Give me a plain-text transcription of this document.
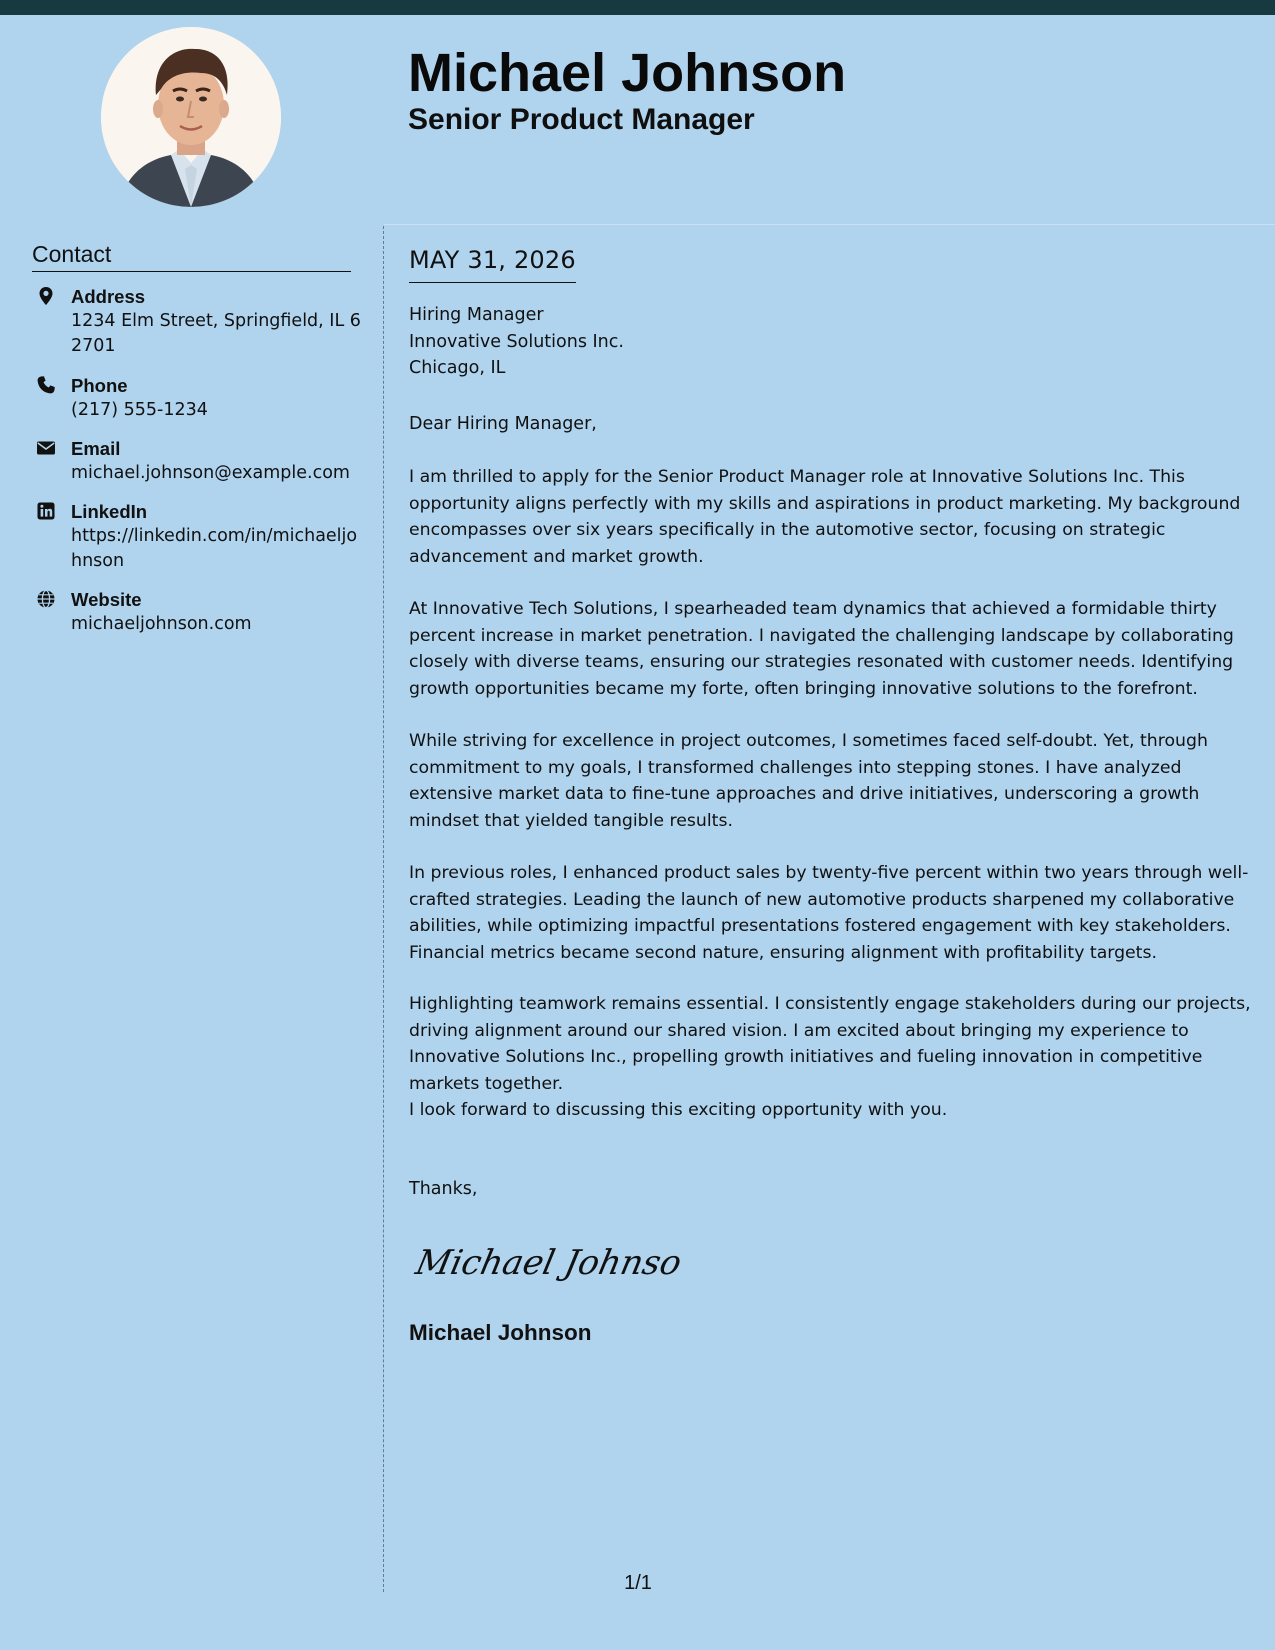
Michael Johnson
Senior Product Manager
Contact
Address
1234 Elm Street, Springfield, IL 62701
Phone
(217) 555-1234
Email
michael.johnson@example.com
LinkedIn
https://linkedin.com/in/michaeljohnson
Website
michaeljohnson.com
MAY 31, 2026
Hiring Manager
Innovative Solutions Inc.
Chicago, IL
Dear Hiring Manager,

I am thrilled to apply for the Senior Product Manager role at Innovative Solutions Inc. This opportunity aligns perfectly with my skills and aspirations in product marketing. My background encompasses over six years specifically in the automotive sector, focusing on strategic advancement and market growth.

At Innovative Tech Solutions, I spearheaded team dynamics that achieved a formidable thirty percent increase in market penetration. I navigated the challenging landscape by collaborating closely with diverse teams, ensuring our strategies resonated with customer needs. Identifying growth opportunities became my forte, often bringing innovative solutions to the forefront.

While striving for excellence in project outcomes, I sometimes faced self-doubt. Yet, through commitment to my goals, I transformed challenges into stepping stones. I have analyzed extensive market data to fine-tune approaches and drive initiatives, underscoring a growth mindset that yielded tangible results.

In previous roles, I enhanced product sales by twenty-five percent within two years through well-crafted strategies. Leading the launch of new automotive products sharpened my collaborative abilities, while optimizing impactful presentations fostered engagement with key stakeholders. Financial metrics became second nature, ensuring alignment with profitability targets.

Highlighting teamwork remains essential. I consistently engage stakeholders during our projects, driving alignment around our shared vision. I am excited about bringing my experience to Innovative Solutions Inc., propelling growth initiatives and fueling innovation in competitive markets together.

I look forward to discussing this exciting opportunity with you.

Thanks,
Michael Johnson
Michael Johnson
1/1
